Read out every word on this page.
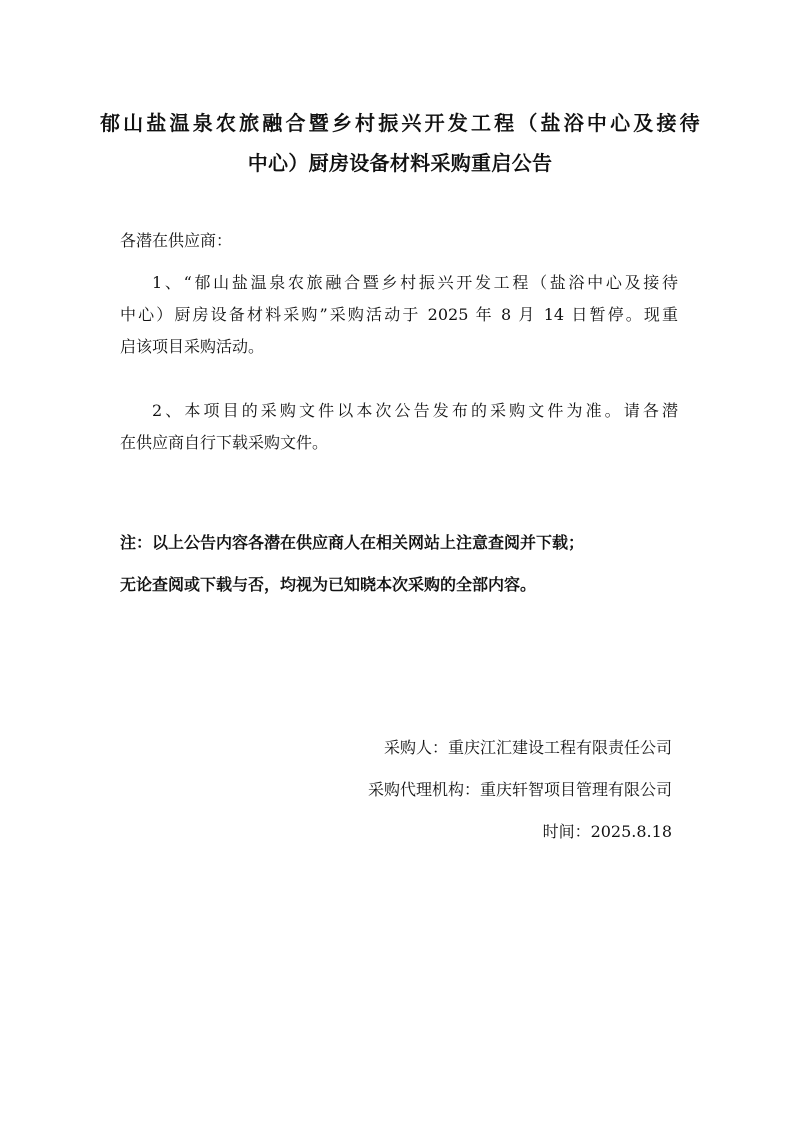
郁山盐温泉农旅融合暨乡村振兴开发工程（盐浴中心及接待
中心）厨房设备材料采购重启公告
各潜在供应商：
1、“郁山盐温泉农旅融合暨乡村振兴开发工程（盐浴中心及接待
中心）厨房设备材料采购”采购活动于 2025 年 8 月 14 日暂停。现重
启该项目采购活动。
2、本项目的采购文件以本次公告发布的采购文件为准。请各潜
在供应商自行下载采购文件。
注：以上公告内容各潜在供应商人在相关网站上注意查阅并下载；
无论查阅或下载与否，均视为已知晓本次采购的全部内容。
采购人：重庆江汇建设工程有限责任公司
采购代理机构：重庆轩智项目管理有限公司
时间：2025.8.18
